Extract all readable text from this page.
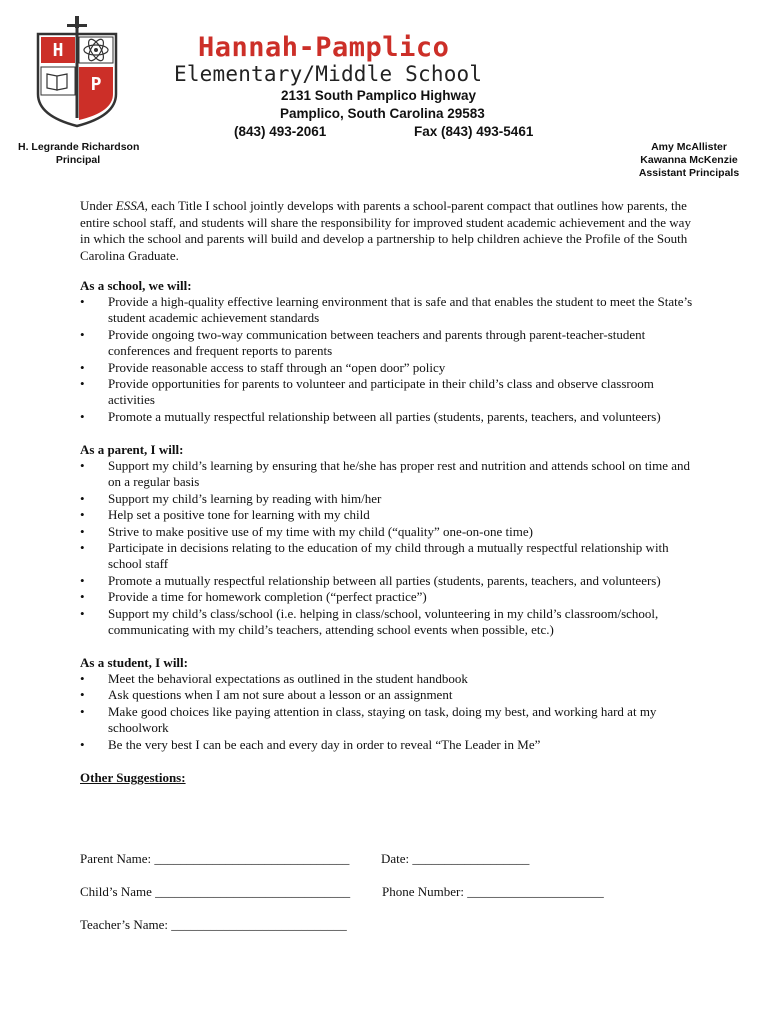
H
P
Hannah-Pamplico
Elementary/Middle School
2131 South Pamplico Highway
Pamplico, South Carolina 29583
(843) 493-2061	Fax (843) 493-5461
H. Legrande Richardson
Principal
Amy McAllister
Kawanna McKenzie
Assistant Principals
Under ESSA, each Title I school jointly develops with parents a school-parent compact that outlines how parents, the entire school staff, and students will share the responsibility for improved student academic achievement and the way in which the school and parents will build and develop a partnership to help children achieve the Profile of the South Carolina Graduate.
As a school, we will:
• Provide a high-quality effective learning environment that is safe and that enables the student to meet the State’s student academic achievement standards
• Provide ongoing two-way communication between teachers and parents through parent-teacher-student conferences and frequent reports to parents
• Provide reasonable access to staff through an “open door” policy
• Provide opportunities for parents to volunteer and participate in their child’s class and observe classroom activities
• Promote a mutually respectful relationship between all parties (students, parents, teachers, and volunteers)
As a parent, I will:
• Support my child’s learning by ensuring that he/she has proper rest and nutrition and attends school on time and on a regular basis
• Support my child’s learning by reading with him/her
• Help set a positive tone for learning with my child
• Strive to make positive use of my time with my child (“quality” one-on-one time)
• Participate in decisions relating to the education of my child through a mutually respectful relationship with school staff
• Promote a mutually respectful relationship between all parties (students, parents, teachers, and volunteers)
• Provide a time for homework completion (“perfect practice”)
• Support my child’s class/school (i.e. helping in class/school, volunteering in my child’s classroom/school, communicating with my child’s teachers, attending school events when possible, etc.)
As a student, I will:
• Meet the behavioral expectations as outlined in the student handbook
• Ask questions when I am not sure about a lesson or an assignment
• Make good choices like paying attention in class, staying on task, doing my best, and working hard at my schoolwork
• Be the very best I can be each and every day in order to reveal “The Leader in Me”
Other Suggestions:
Parent Name: ______________________________ Date: __________________
Child’s Name ______________________________ Phone Number: _____________________
Teacher’s Name: ___________________________
